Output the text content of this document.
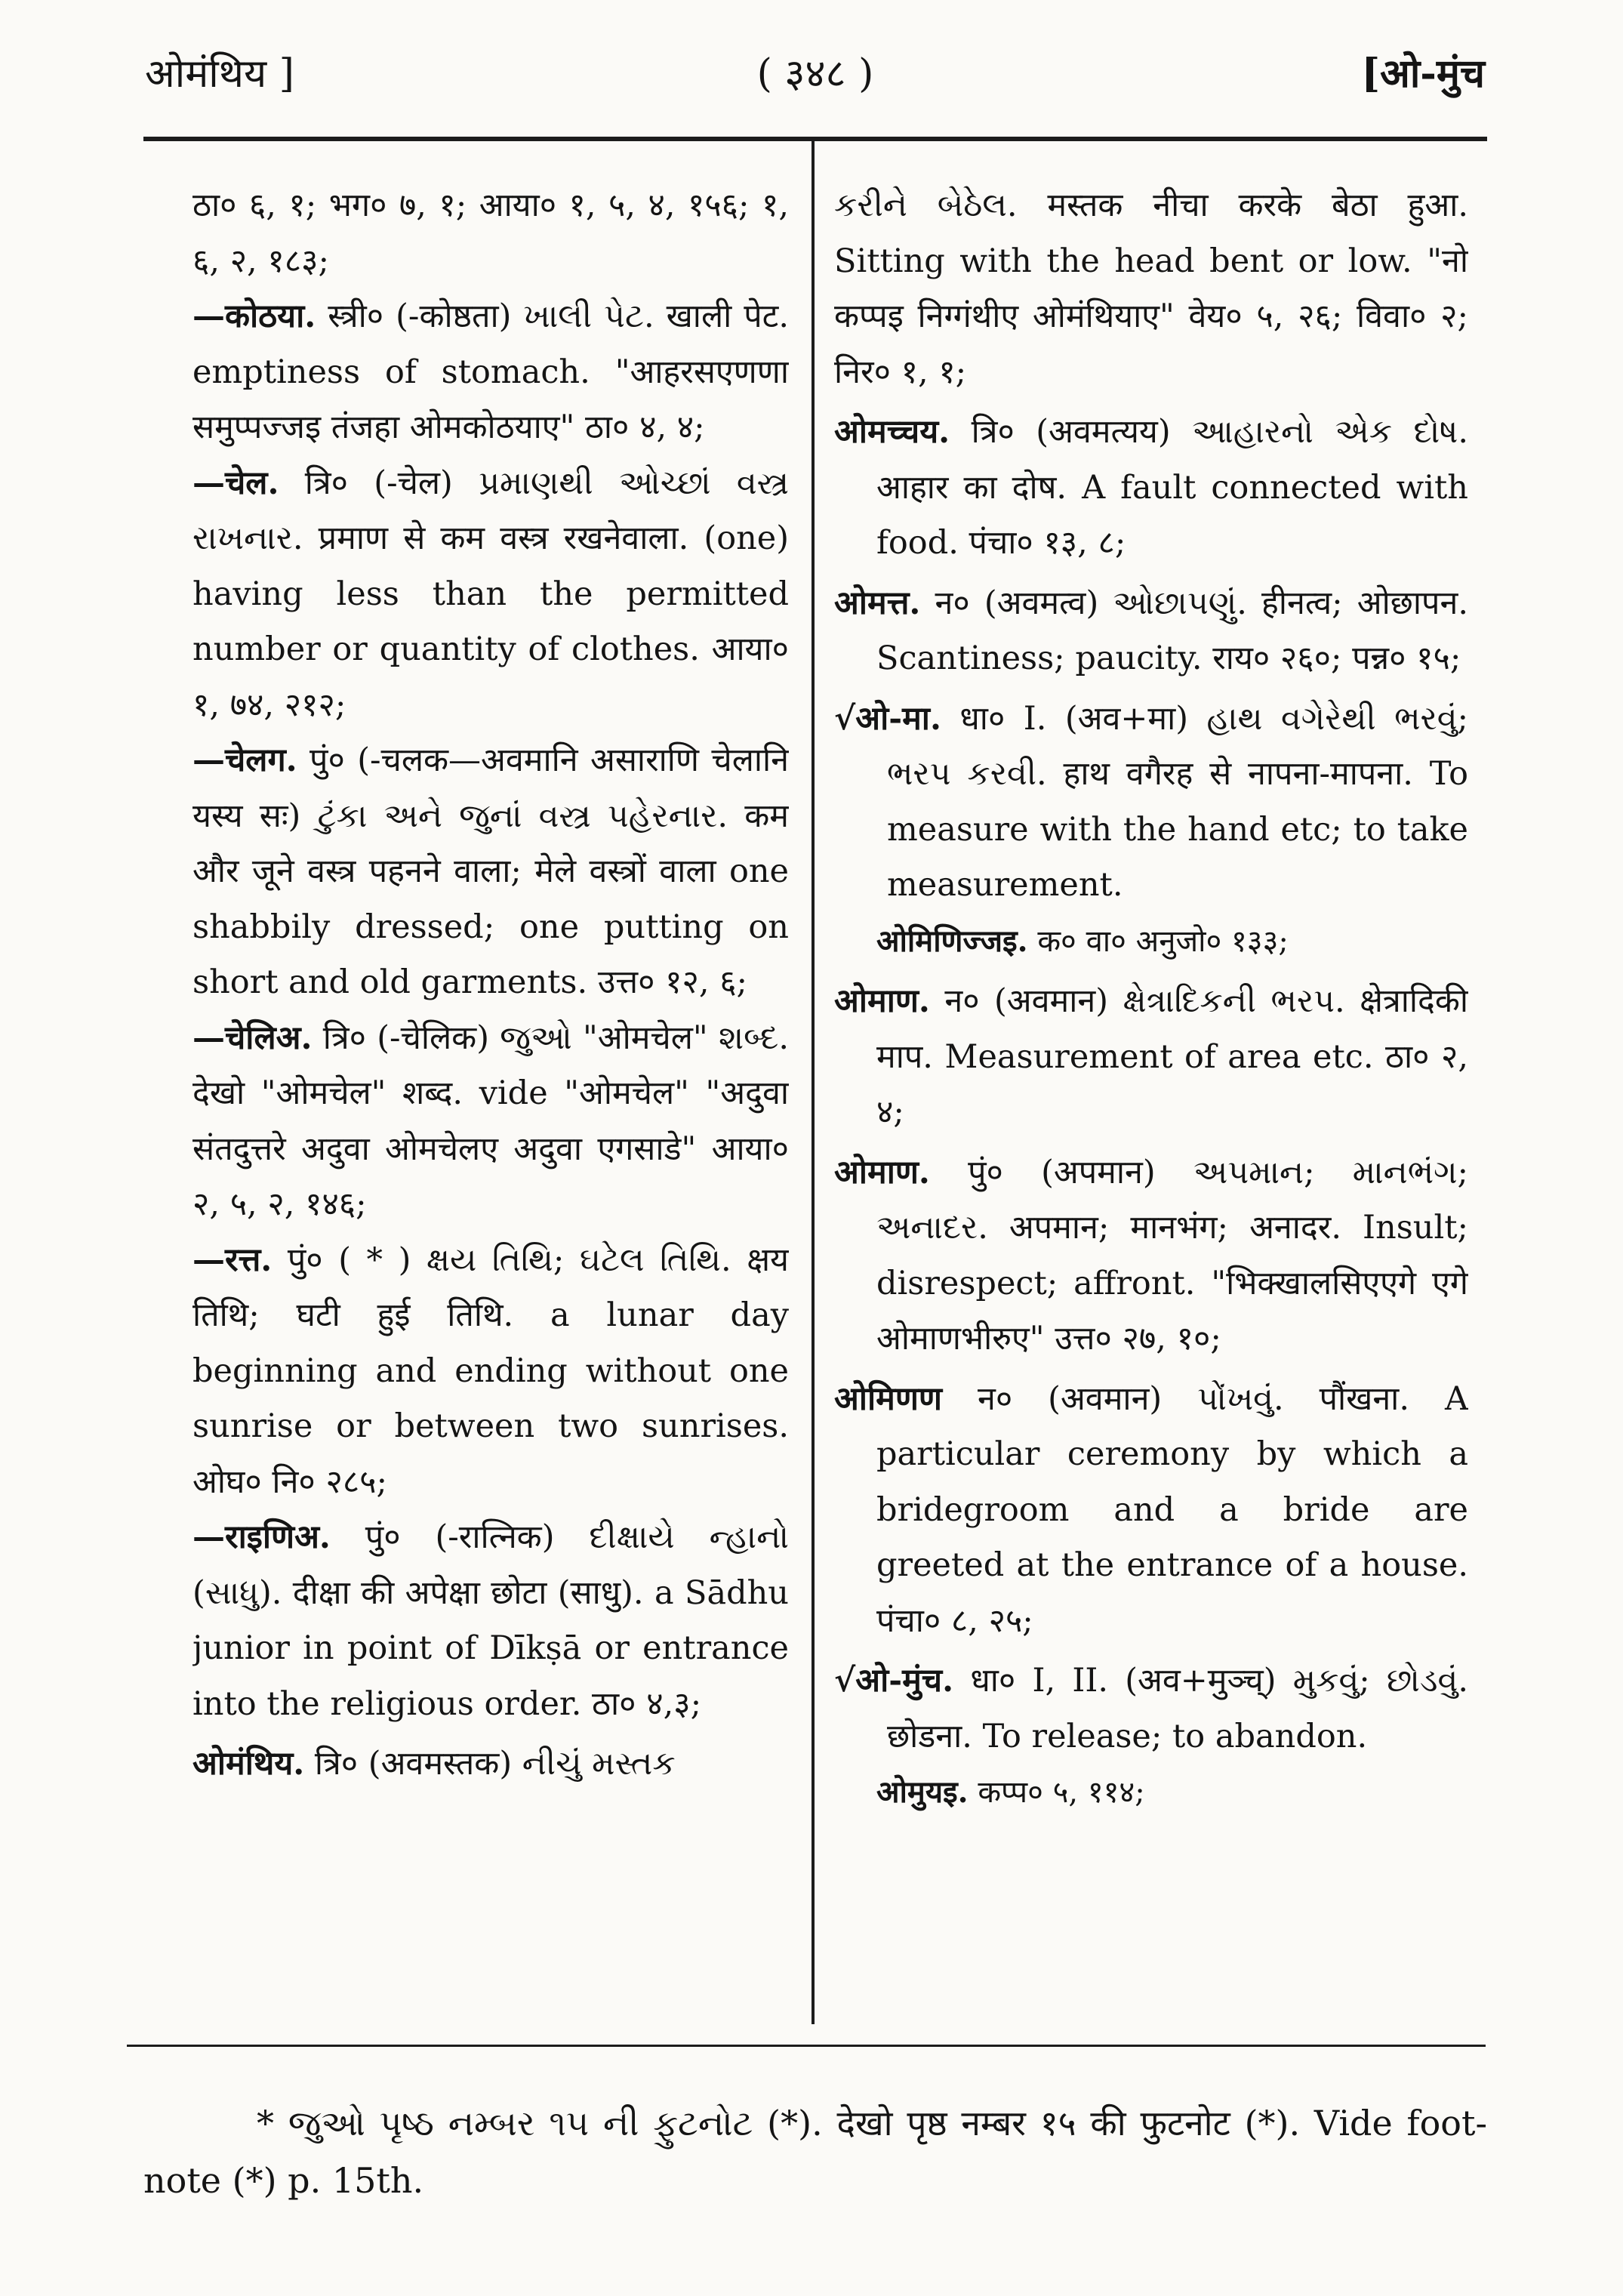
ओमंथिय ]	( ३४८ )	[ओ-मुंच

ठा० ६, १; भग० ७, १; आया० १, ५, ४, १५६; १, ६, २, १८३;

—कोठया. स्त्री० (-कोष्ठता) ખાલી પેટ. खाली पेट. emptiness of stomach. "आहरसएणणा समुप्पज्जइ तंजहा ओमकोठयाए" ठा० ४, ४;

—चेल. त्रि० (-चेल) પ્રમાણથી ઓચ્છાં વસ્ત્ર રાખનાર. प्रमाण से कम वस्त्र रखनेवाला. (one) having less than the permitted number or quantity of clothes. आया० १, ७४, २१२;

—चेलग. पुं० (-चलक—अवमानि असाराणि चेलानि यस्य सः) ટુંકા અને જુનાં વસ્ત્ર પહેરનાર. कम और जूने वस्त्र पहनने वाला; मेले वस्त्रों वाला one shabbily dressed; one putting on short and old garments. उत्त० १२, ६;

—चेलिअ. त्रि० (-चेलिक) જુઓ "ओमचेल" શબ્દ. देखो "ओमचेल" शब्द. vide "ओमचेल" "अदुवा संतदुत्तरे अदुवा ओमचेलए अदुवा एगसाडे" आया० २, ५, २, १४६;

—रत्त. पुं० ( * ) ક્ષય તિથિ; ઘટેલ તિથિ. क्षय तिथि; घटी हुई तिथि. a lunar day beginning and ending without one sunrise or between two sunrises. ओघ० नि० २८५;

—राइणिअ. पुं० (-रात्निक) દીક્ષાયે ન્હાનો (સાધુ). दीक्षा की अपेक्षा छोटा (साधु). a Sādhu junior in point of Dīkṣā or entrance into the religious order. ठा० ४,३;

ओमंथिय. त्रि० (अवमस्तक) નીચું મસ્તક

કરીને બેઠેલ. मस्तक नीचा करके बेठा हुआ. Sitting with the head bent or low. "नो कप्पइ निग्गंथीए ओमंथियाए" वेय० ५, २६; विवा० २; निर० १, १;

ओमच्चय. त्रि० (अवमत्यय) આહારનો એક દોષ. आहार का दोष. A fault connected with food. पंचा० १३, ८;

ओमत्त. न० (अवमत्व) ઓછાપણું. हीनत्व; ओछापन. Scantiness; paucity. राय० २६०; पन्न० १५;

√ओ-मा. धा० I. (अव+मा) હાથ વગેરેથી ભરવું; ભરપ કરવી. हाथ वगैरह से नापना-मापना. To measure with the hand etc; to take measurement.

ओमिणिज्जइ. क० वा० अनुजो० १३३;

ओमाण. न० (अवमान) ક્ષેત્રાદિકની ભરપ. क्षेत्रादिकी माप. Measurement of area etc. ठा० २, ४;

ओमाण. पुं० (अपमान) અપમાન; માનભંગ; અનાદર. अपमान; मानभंग; अनादर. Insult; disrespect; affront. "भिक्खालसिएएगे एगे ओमाणभीरुए" उत्त० २७, १०;

ओमिणण न० (अवमान) પોંખવું. पौंखना. A particular ceremony by which a bridegroom and a bride are greeted at the entrance of a house. पंचा० ८, २५;

√ओ-मुंच. धा० I, II. (अव+मुञ्च्) મુકવું; છોડવું. छोडना. To release; to abandon.

ओमुयइ. कप्प० ५, ११४;

* જુઓ પૃષ્ઠ નમ્બર ૧૫ ની ફુટનોટ (*). देखो पृष्ठ नम्बर १५ की फुटनोट (*). Vide foot-note (*) p. 15th.
